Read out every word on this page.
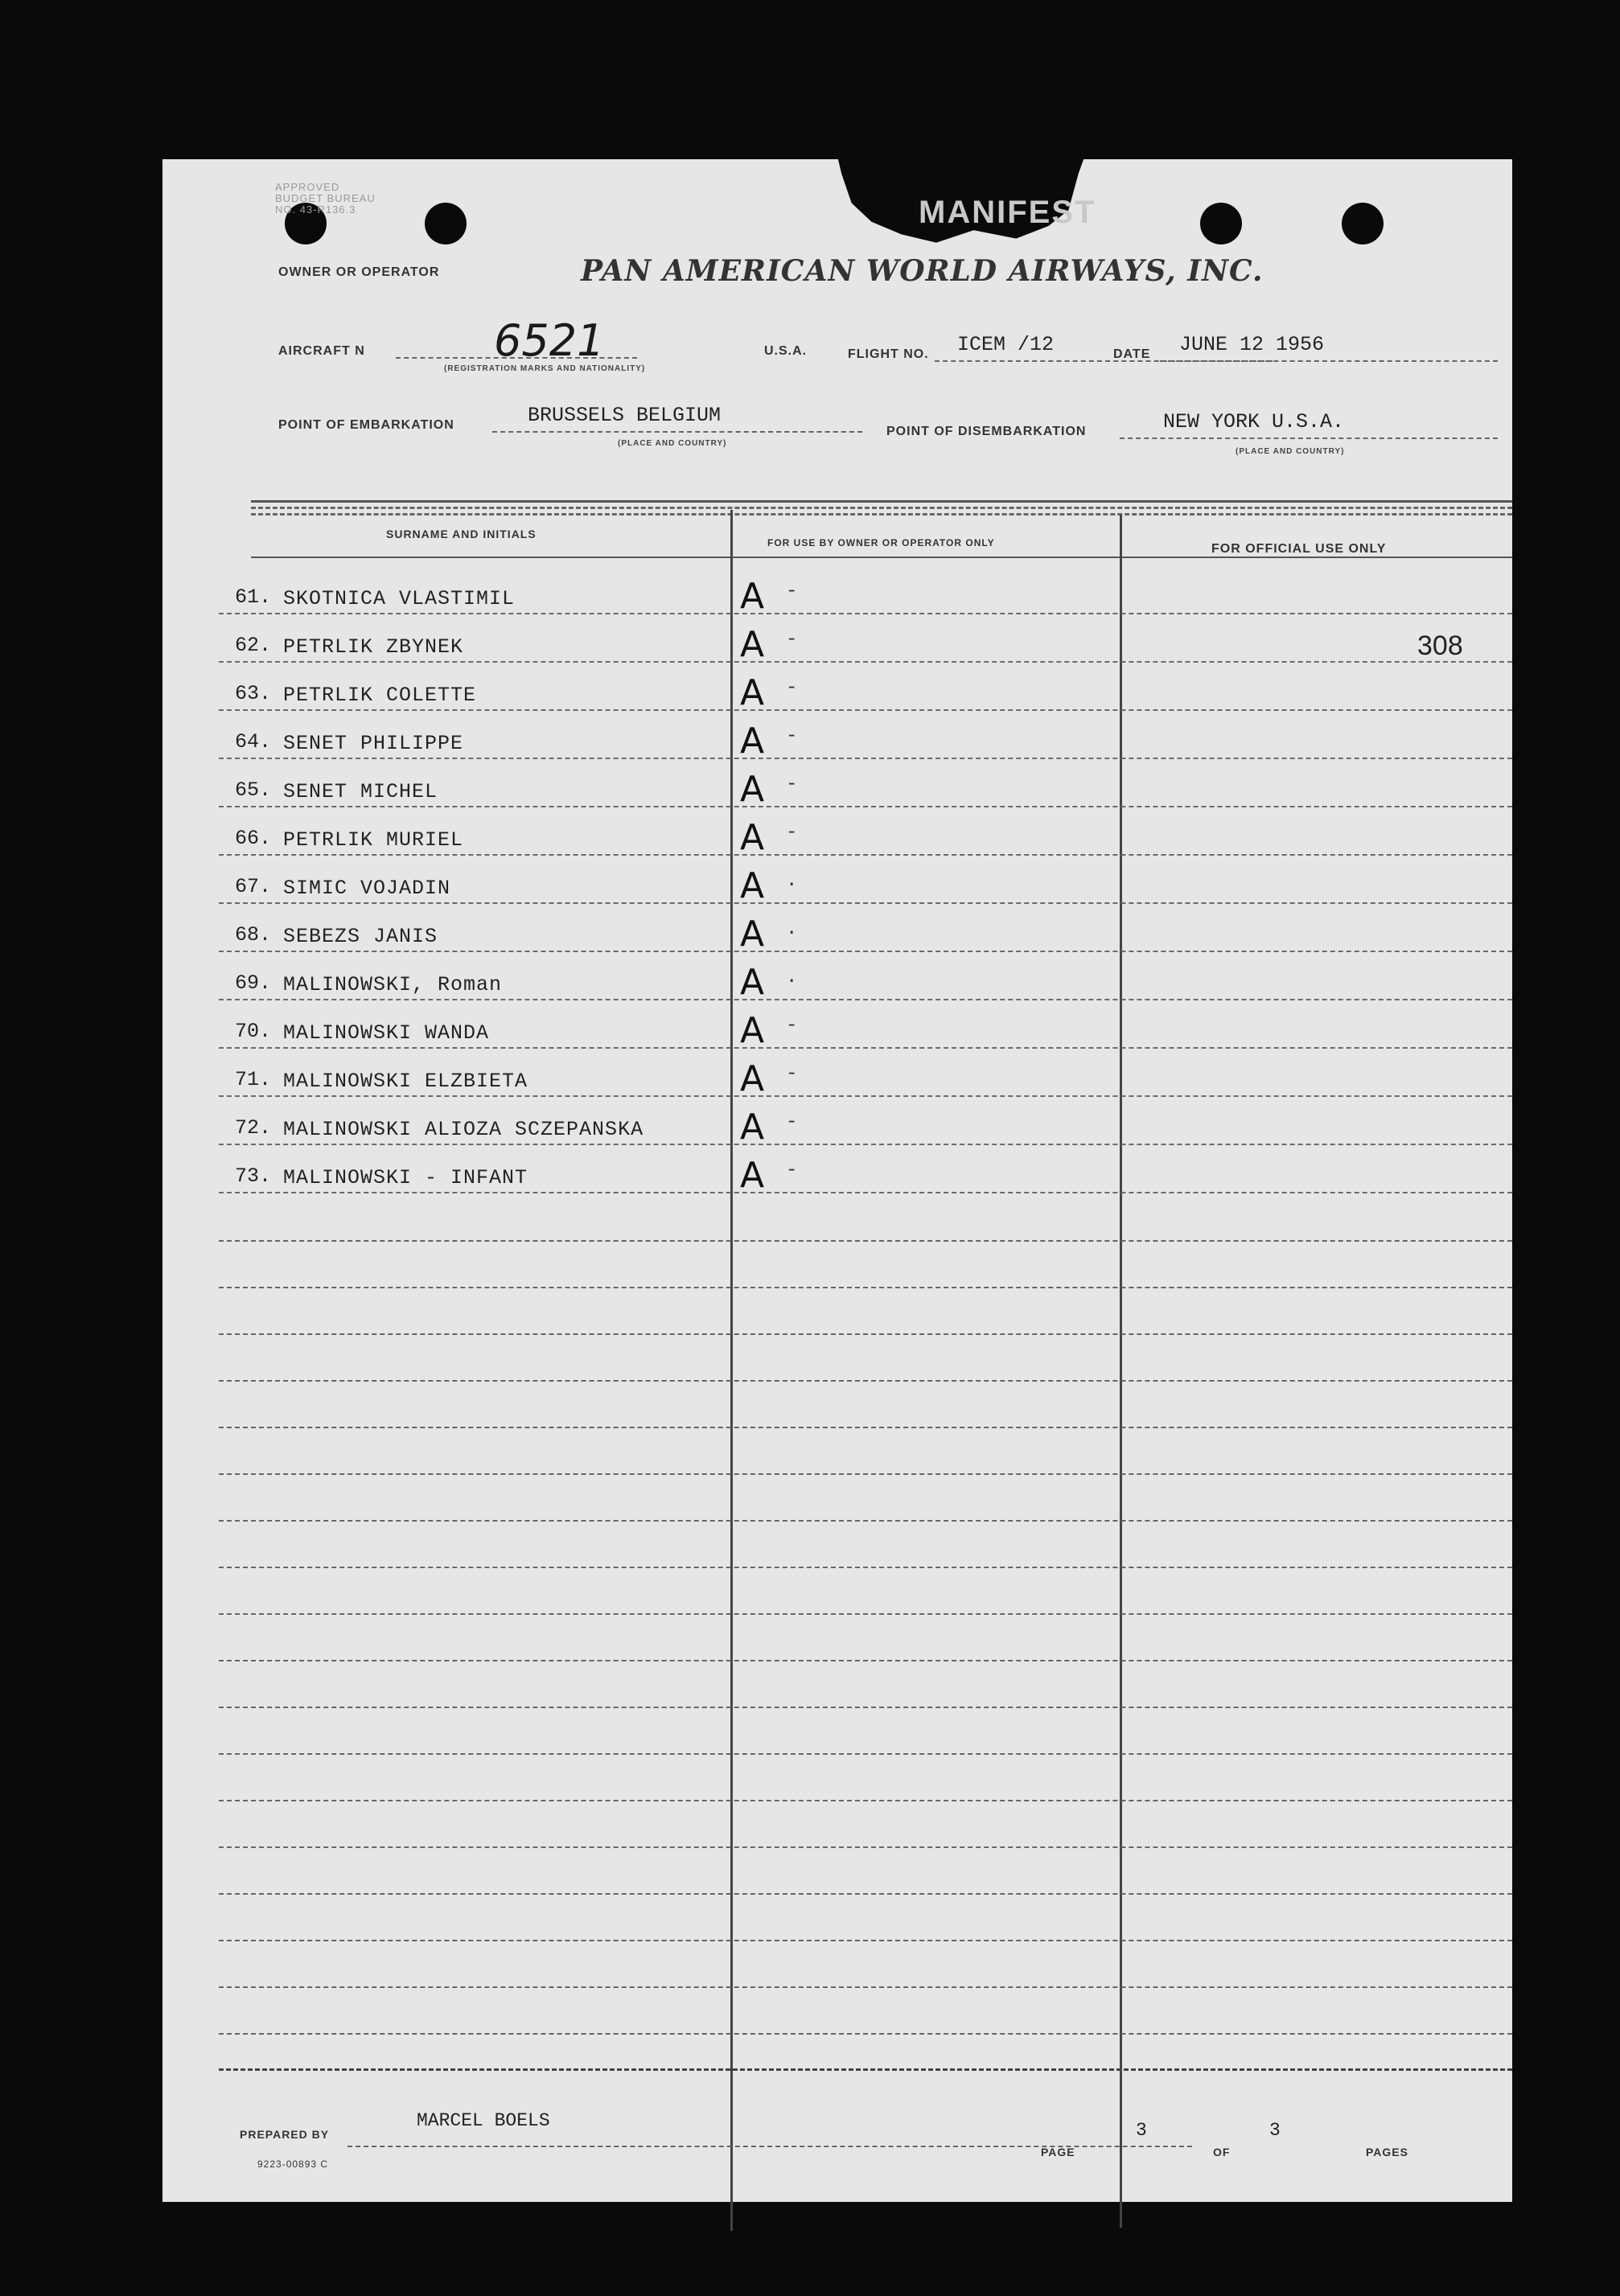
APPROVED
BUDGET BUREAU
NO. 43-R136.3	MANIFEST
OWNER OR OPERATOR	PAN AMERICAN WORLD AIRWAYS, INC.
AIRCRAFT N	6521
(REGISTRATION MARKS AND NATIONALITY)
U.S.A.	FLIGHT NO. ICEM /12	DATE JUNE 12 1956
POINT OF EMBARKATION	BRUSSELS BELGIUM
(PLACE AND COUNTRY)
POINT OF DISEMBARKATION	NEW YORK U.S.A.
(PLACE AND COUNTRY)
SURNAME AND INITIALS
FOR USE BY OWNER OR OPERATOR ONLY	FOR OFFICIAL USE ONLY
61. SKOTNICA VLASTIMIL	A -
62. PETRLIK ZBYNEK	A -	308
63. PETRLIK COLETTE	A -
64. SENET PHILIPPE	A -
65. SENET MICHEL	A -
66. PETRLIK MURIEL	A -
67. SIMIC VOJADIN	A .
68. SEBEZS JANIS	A .
69. MALINOWSKI, Roman	A .
70. MALINOWSKI WANDA	A -
71. MALINOWSKI ELZBIETA	A -
72. MALINOWSKI ALIOZA SCZEPANSKA	A -
73. MALINOWSKI - INFANT	A -
PREPARED BY
MARCEL BOELS
PAGE
3
OF
3
PAGES
9223-00893 C
